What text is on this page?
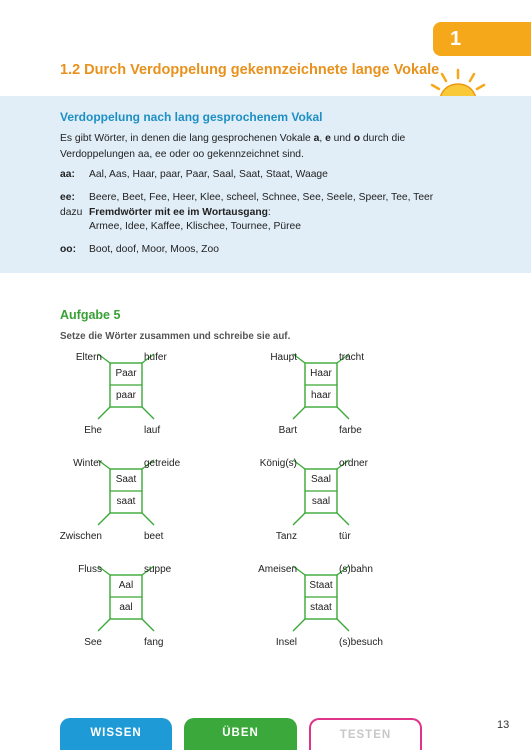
1
1.2 Durch Verdoppelung gekennzeichnete lange Vokale
Verdoppelung nach lang gesprochenem Vokal
Es gibt Wörter, in denen die lang gesprochenen Vokale a, e und o durch die Verdoppelungen aa, ee oder oo gekennzeichnet sind.
aa: Aal, Aas, Haar, paar, Paar, Saal, Saat, Staat, Waage
ee: Beere, Beet, Fee, Heer, Klee, scheel, Schnee, See, Seele, Speer, Tee, Teer
dazu Fremdwörter mit ee im Wortausgang:
Armee, Idee, Kaffee, Klischee, Tournee, Püree
oo: Boot, doof, Moor, Moos, Zoo
Aufgabe 5
Setze die Wörter zusammen und schreibe sie auf.
Eltern	hufer
Ehe	lauf
Paar
paar
Haupt	tracht
Bart	farbe
Haar
haar
Winter	getreide
Zwischen	beet
Saat
saat
König(s)	ordner
Tanz	tür
Saal
saal
Fluss	suppe
See	fang
Aal
aal
Ameisen	(s)bahn
Insel	(s)besuch
Staat
staat
WISSEN	ÜBEN	TESTEN
13
